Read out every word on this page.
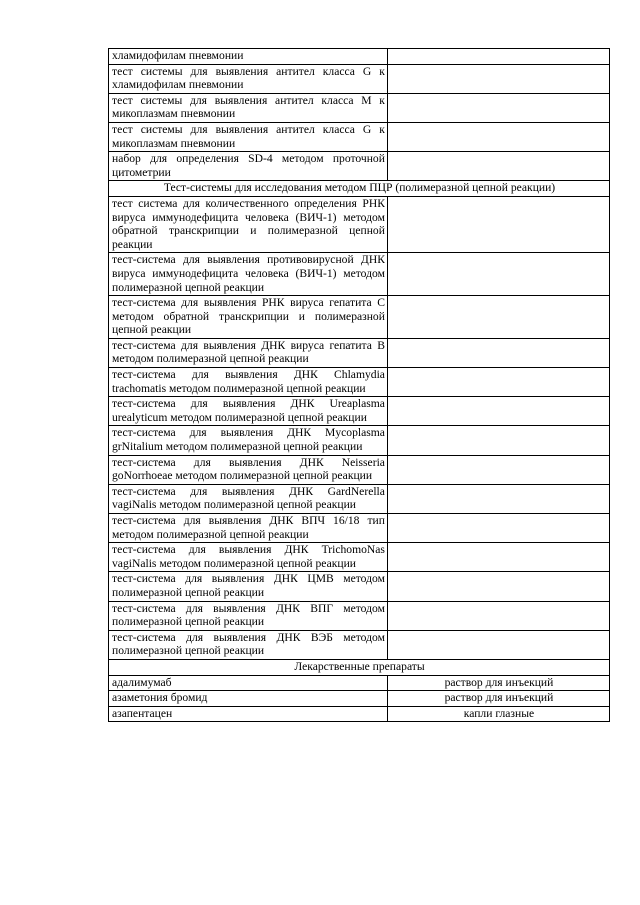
хламидофилам пневмонии	
тест системы для выявления антител класса G к хламидофилам пневмонии	
тест системы для выявления антител класса M к микоплазмам пневмонии	
тест системы для выявления антител класса G к микоплазмам пневмонии	
набор для определения SD-4 методом проточной цитометрии	
Тест-системы для исследования методом ПЦР (полимеразной цепной реакции)	
тест система для количественного определения РНК вируса иммунодефицита человека (ВИЧ-1) методом обратной транскрипции и полимеразной цепной реакции	
тест-система для выявления противовирусной ДНК вируса иммунодефицита человека (ВИЧ-1) методом полимеразной цепной реакции	
тест-система для выявления РНК вируса гепатита С методом обратной транскрипции и полимеразной цепной реакции	
тест-система для выявления ДНК вируса гепатита В методом полимеразной цепной реакции	
тест-система для выявления ДНК Chlamydia trachomatis методом полимеразной цепной реакции	
тест-система для выявления ДНК Ureaplasma urealyticum методом полимеразной цепной реакции	
тест-система для выявления ДНК Mycoplasma grNitalium методом полимеразной цепной реакции	
тест-система для выявления ДНК Neisseria goNorrhoeae методом полимеразной цепной реакции	
тест-система для выявления ДНК GardNerella vagiNalis методом полимеразной цепной реакции	
тест-система для выявления ДНК ВПЧ 16/18 тип методом полимеразной цепной реакции	
тест-система для выявления ДНК TrichomoNas vagiNalis методом полимеразной цепной реакции	
тест-система для выявления ДНК ЦМВ методом полимеразной цепной реакции	
тест-система для выявления ДНК ВПГ методом полимеразной цепной реакции	
тест-система для выявления ДНК ВЭБ методом полимеразной цепной реакции	
Лекарственные препараты	
адалимумаб	раствор для инъекций
азаметония бромид	раствор для инъекций
азапентацен	капли глазные
